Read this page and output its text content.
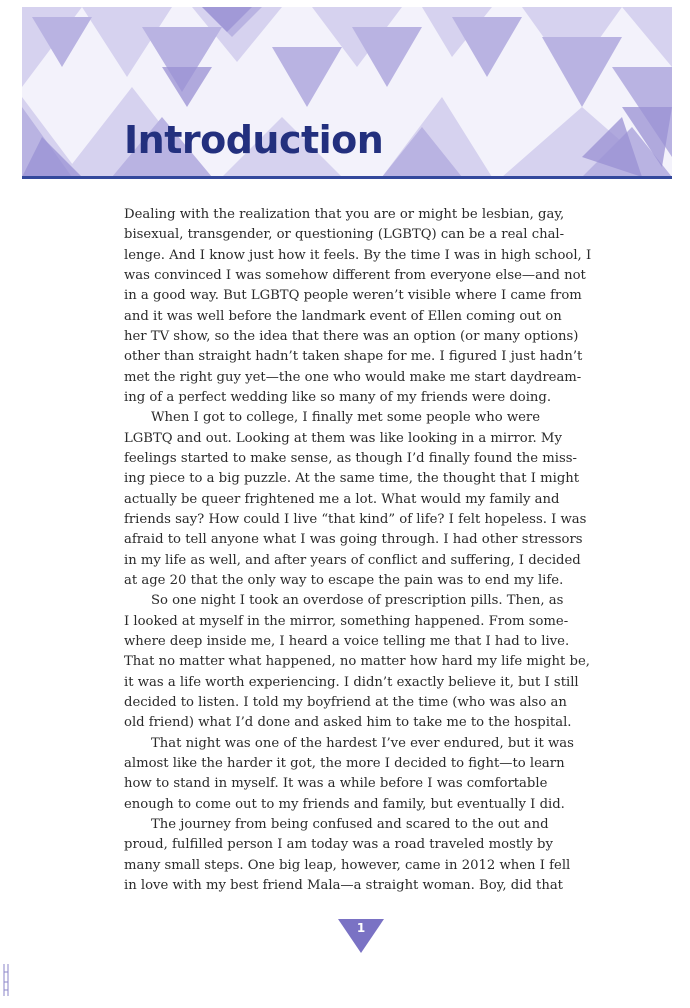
Introduction
Dealing with the realization that you are or might be lesbian, gay,
bisexual, transgender, or questioning (LGBTQ) can be a real chal-
lenge. And I know just how it feels. By the time I was in high school, I
was convinced I was somehow different from everyone else—and not
in a good way. But LGBTQ people weren’t visible where I came from
and it was well before the landmark event of Ellen coming out on
her TV show, so the idea that there was an option (or many options)
other than straight hadn’t taken shape for me. I figured I just hadn’t
met the right guy yet—the one who would make me start daydream-
ing of a perfect wedding like so many of my friends were doing.
When I got to college, I finally met some people who were
LGBTQ and out. Looking at them was like looking in a mirror. My
feelings started to make sense, as though I’d finally found the miss-
ing piece to a big puzzle. At the same time, the thought that I might
actually be queer frightened me a lot. What would my family and
friends say? How could I live “that kind” of life? I felt hopeless. I was
afraid to tell anyone what I was going through. I had other stressors
in my life as well, and after years of conflict and suffering, I decided
at age 20 that the only way to escape the pain was to end my life.
So one night I took an overdose of prescription pills. Then, as
I looked at myself in the mirror, something happened. From some-
where deep inside me, I heard a voice telling me that I had to live.
That no matter what happened, no matter how hard my life might be,
it was a life worth experiencing. I didn’t exactly believe it, but I still
decided to listen. I told my boyfriend at the time (who was also an
old friend) what I’d done and asked him to take me to the hospital.
That night was one of the hardest I’ve ever endured, but it was
almost like the harder it got, the more I decided to fight—to learn
how to stand in myself. It was a while before I was comfortable
enough to come out to my friends and family, but eventually I did.
The journey from being confused and scared to the out and
proud, fulfilled person I am today was a road traveled mostly by
many small steps. One big leap, however, came in 2012 when I fell
in love with my best friend Mala—a straight woman. Boy, did that
1
